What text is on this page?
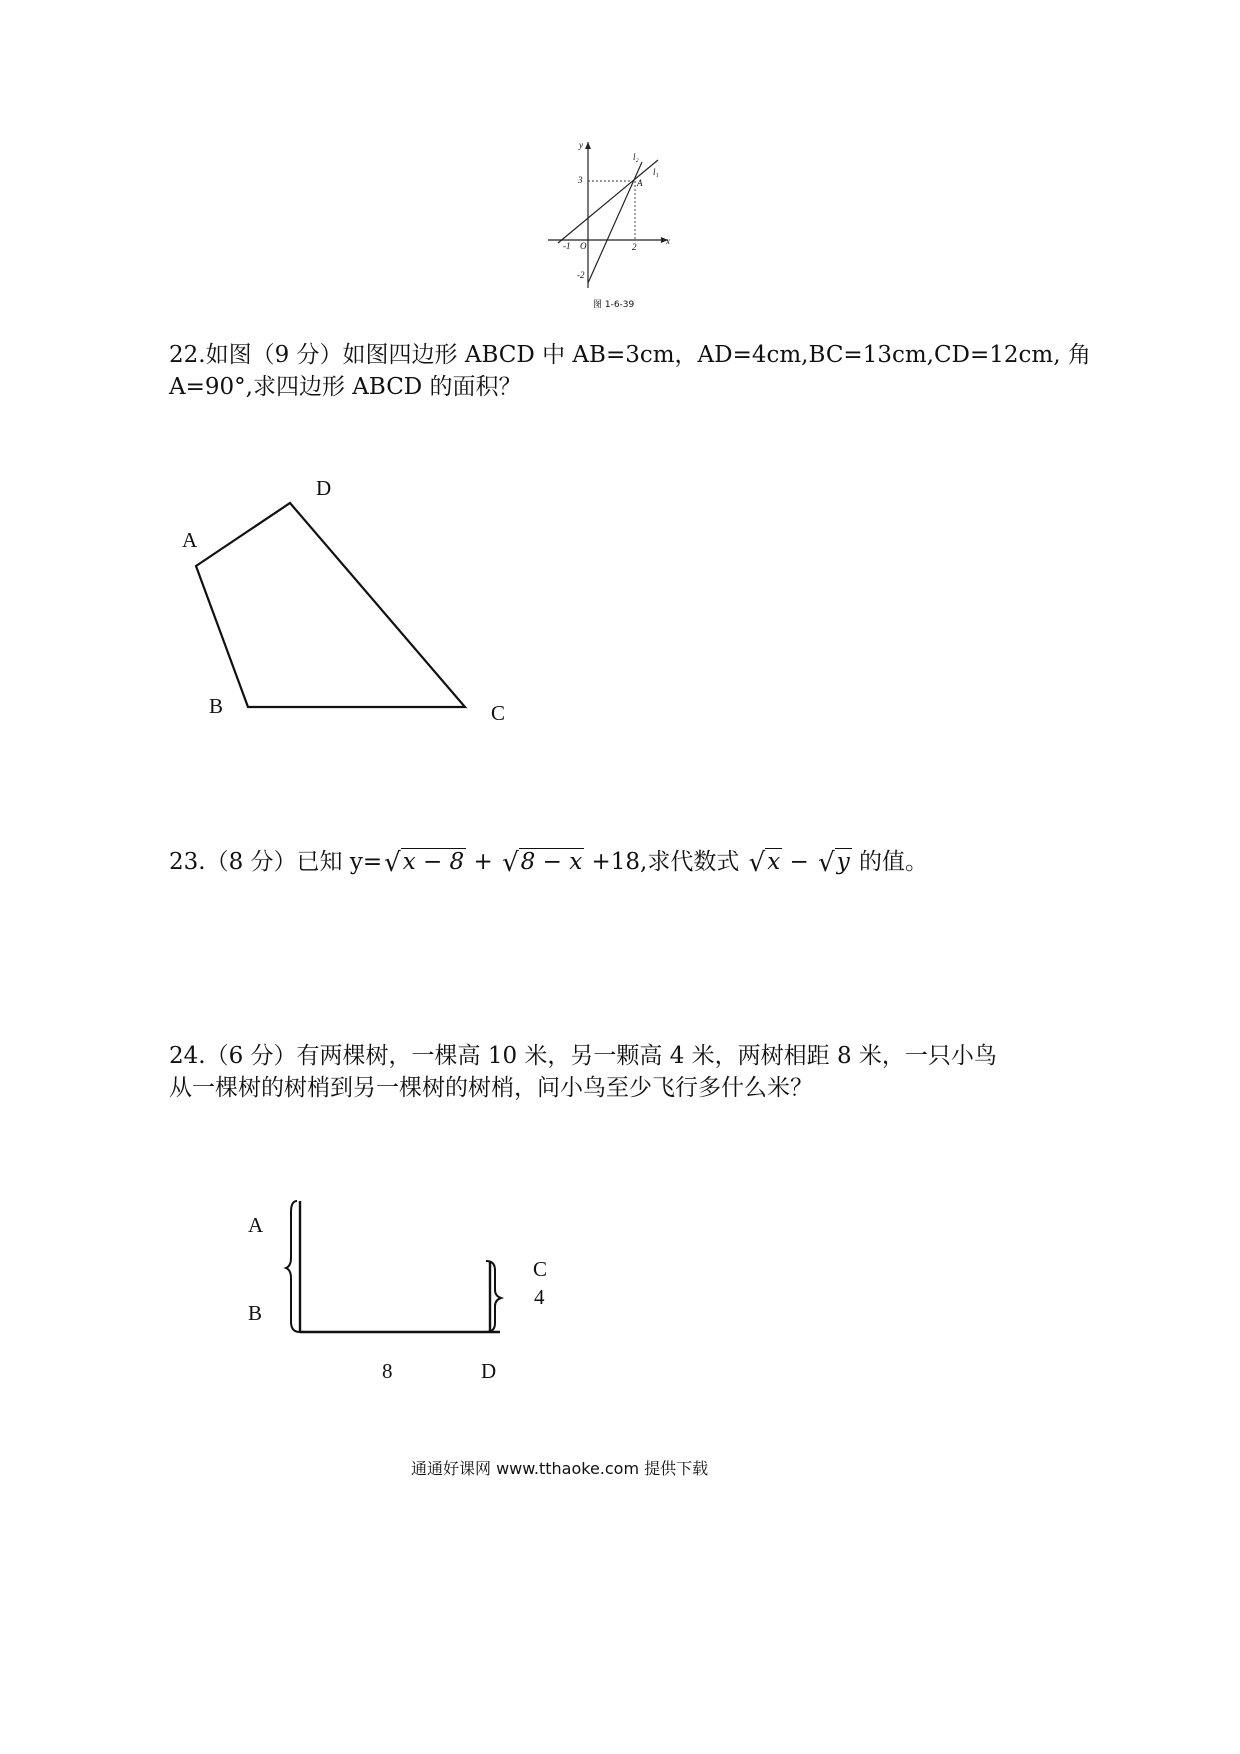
y
x
l₂
l₁
A
3
-1	2
O
-2
图 1-6-39
22.如图（9 分）如图四边形 ABCD 中 AB=3cm，AD=4cm,BC=13cm,CD=12cm, 角
A=90°,求四边形 ABCD 的面积？
A
D
B	C
23.（8 分）已知 y=√x − 8 + √8 − x +18,求代数式 √x − √y 的值。
24.（6 分）有两棵树，一棵高 10 米，另一颗高 4 米，两树相距 8 米，一只小鸟
从一棵树的树梢到另一棵树的树梢，问小鸟至少飞行多什么米？
A
B
C
4
8	D
通通好课网 www.tthaoke.com 提供下载
